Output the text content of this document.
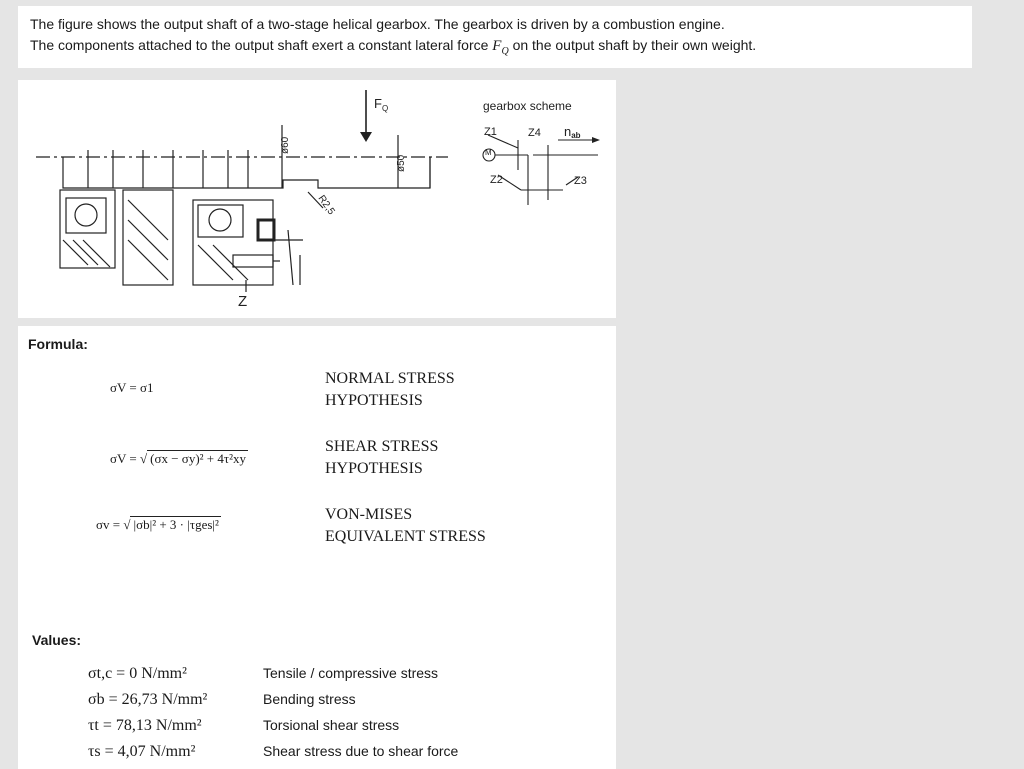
The figure shows the output shaft of a two-stage helical gearbox. The gearbox is driven by a combustion engine.

The components attached to the output shaft exert a constant lateral force $F_Q$ on the output shaft by their own weight.

$F_Q$
ø60
ø50
R2,5
Z
gearbox scheme
M
Z1	Z4
Z2	Z3
nab
Formula:
σV = σ1
NORMAL STRESS
HYPOTHESIS
σV = √ (σx − σy)² + 4τ²xy
SHEAR STRESS
HYPOTHESIS
σv = √ |σb|² + 3 · |τges|²
VON-MISES
EQUIVALENT STRESS
Values:
σt,c = 0 N/mm²	Tensile / compressive stress
σb = 26,73 N/mm²	Bending stress
τt = 78,13 N/mm²	Torsional shear stress
τs = 4,07 N/mm²	Shear stress due to shear force
